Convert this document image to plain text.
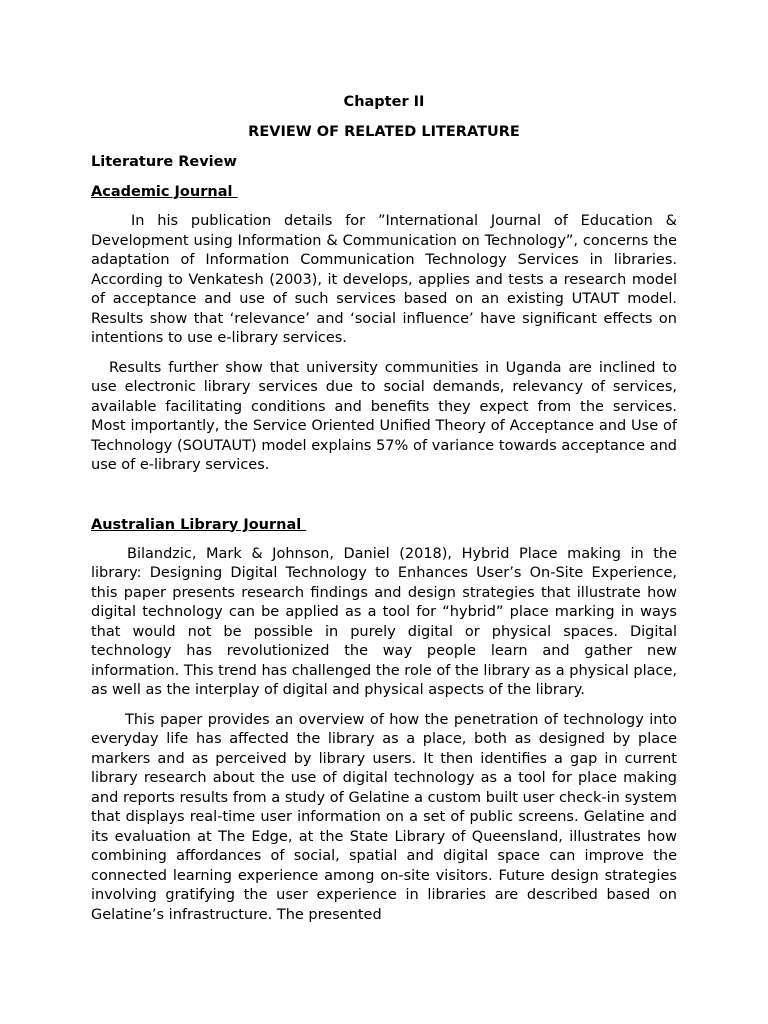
Chapter II
REVIEW OF RELATED LITERATURE
Literature Review
Academic Journal

In his publication details for ”International Journal of Education & Development using Information & Communication on Technology”, concerns the adaptation of Information Communication Technology Services in libraries. According to Venkatesh (2003), it develops, applies and tests a research model of acceptance and use of such services based on an existing UTAUT model. Results show that ‘relevance’ and ‘social influence’ have significant effects on intentions to use e-library services.

Results further show that university communities in Uganda are inclined to use electronic library services due to social demands, relevancy of services, available facilitating conditions and benefits they expect from the services. Most importantly, the Service Oriented Unified Theory of Acceptance and Use of Technology (SOUTAUT) model explains 57% of variance towards acceptance and use of e-library services.

Australian Library Journal

Bilandzic, Mark & Johnson, Daniel (2018), Hybrid Place making in the library: Designing Digital Technology to Enhances User’s On-Site Experience, this paper presents research findings and design strategies that illustrate how digital technology can be applied as a tool for “hybrid” place marking in ways that would not be possible in purely digital or physical spaces. Digital technology has revolutionized the way people learn and gather new information. This trend has challenged the role of the library as a physical place, as well as the interplay of digital and physical aspects of the library.

This paper provides an overview of how the penetration of technology into everyday life has affected the library as a place, both as designed by place markers and as perceived by library users. It then identifies a gap in current library research about the use of digital technology as a tool for place making and reports results from a study of Gelatine a custom built user check-in system that displays real-time user information on a set of public screens. Gelatine and its evaluation at The Edge, at the State Library of Queensland, illustrates how combining affordances of social, spatial and digital space can improve the connected learning experience among on-site visitors. Future design strategies involving gratifying the user experience in libraries are described based on Gelatine’s infrastructure. The presented
